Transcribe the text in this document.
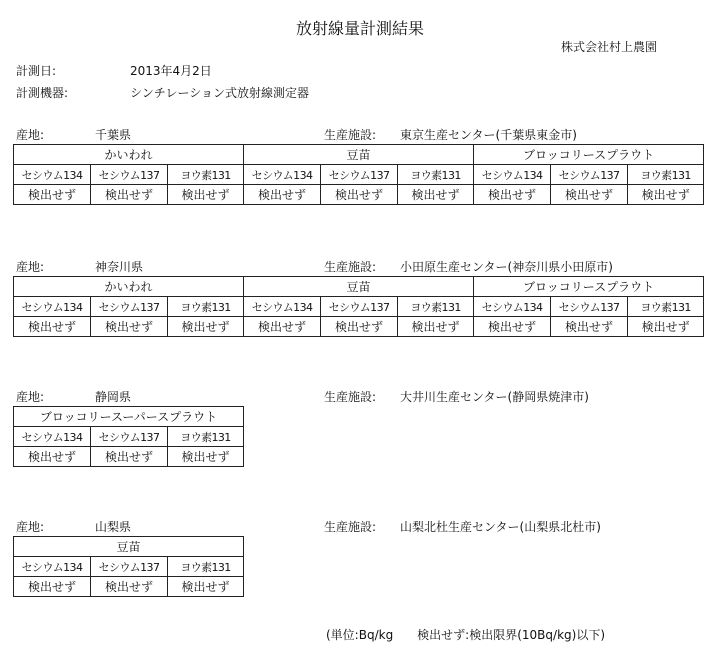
放射線量計測結果
株式会社村上農園
計測日:	2013年4月2日
計測機器:	シンチレーション式放射線測定器
産地:	千葉県	生産施設: 東京生産センター(千葉県東金市)
かいわれ			豆苗			ブロッコリースプラウト		
セシウム134	セシウム137	ヨウ素131	セシウム134	セシウム137	ヨウ素131	セシウム134	セシウム137	ヨウ素131
検出せず	検出せず	検出せず	検出せず	検出せず	検出せず	検出せず	検出せず	検出せず
産地:	神奈川県	生産施設: 小田原生産センター(神奈川県小田原市)
かいわれ			豆苗			ブロッコリースプラウト		
セシウム134	セシウム137	ヨウ素131	セシウム134	セシウム137	ヨウ素131	セシウム134	セシウム137	ヨウ素131
検出せず	検出せず	検出せず	検出せず	検出せず	検出せず	検出せず	検出せず	検出せず
産地:	静岡県	生産施設: 大井川生産センター(静岡県焼津市)
ブロッコリースーパースプラウト		
セシウム134	セシウム137	ヨウ素131
検出せず	検出せず	検出せず
産地:	山梨県	生産施設: 山梨北杜生産センター(山梨県北杜市)
豆苗		
セシウム134	セシウム137	ヨウ素131
検出せず	検出せず	検出せず
(単位:Bq/kg　　検出せず:検出限界(10Bq/kg)以下)
